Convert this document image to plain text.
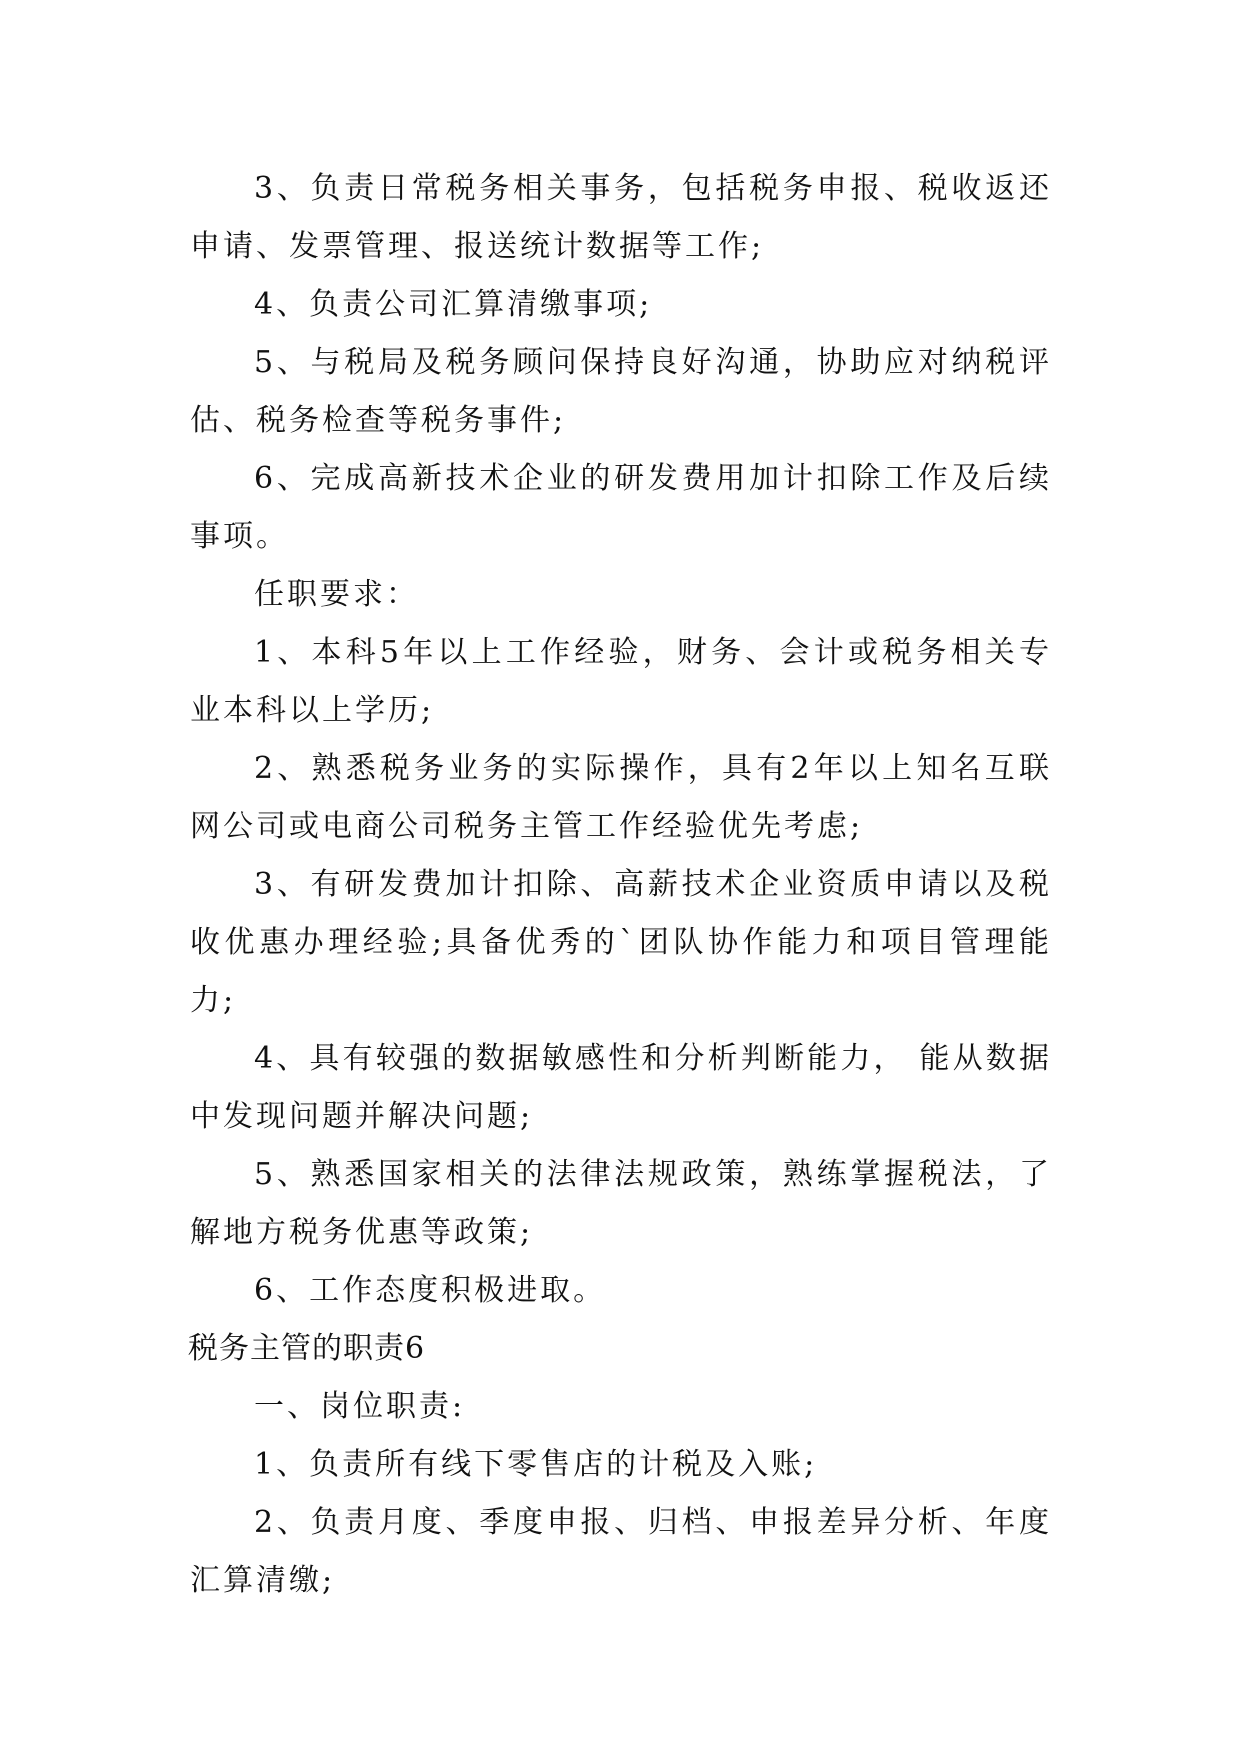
3、负责日常税务相关事务，包括税务申报、税收返还申请、发票管理、报送统计数据等工作;

4、负责公司汇算清缴事项;

5、与税局及税务顾问保持良好沟通，协助应对纳税评估、税务检查等税务事件;

6、完成高新技术企业的研发费用加计扣除工作及后续事项。

任职要求：

1、本科5年以上工作经验，财务、会计或税务相关专业本科以上学历;

2、熟悉税务业务的实际操作，具有2年以上知名互联网公司或电商公司税务主管工作经验优先考虑;

3、有研发费加计扣除、高薪技术企业资质申请以及税收优惠办理经验;具备优秀的`团队协作能力和项目管理能力;

4、具有较强的数据敏感性和分析判断能力， 能从数据中发现问题并解决问题;

5、熟悉国家相关的法律法规政策，熟练掌握税法，了解地方税务优惠等政策;

6、工作态度积极进取。

税务主管的职责6

一、岗位职责:

1、负责所有线下零售店的计税及入账;

2、负责月度、季度申报、归档、申报差异分析、年度汇算清缴;
